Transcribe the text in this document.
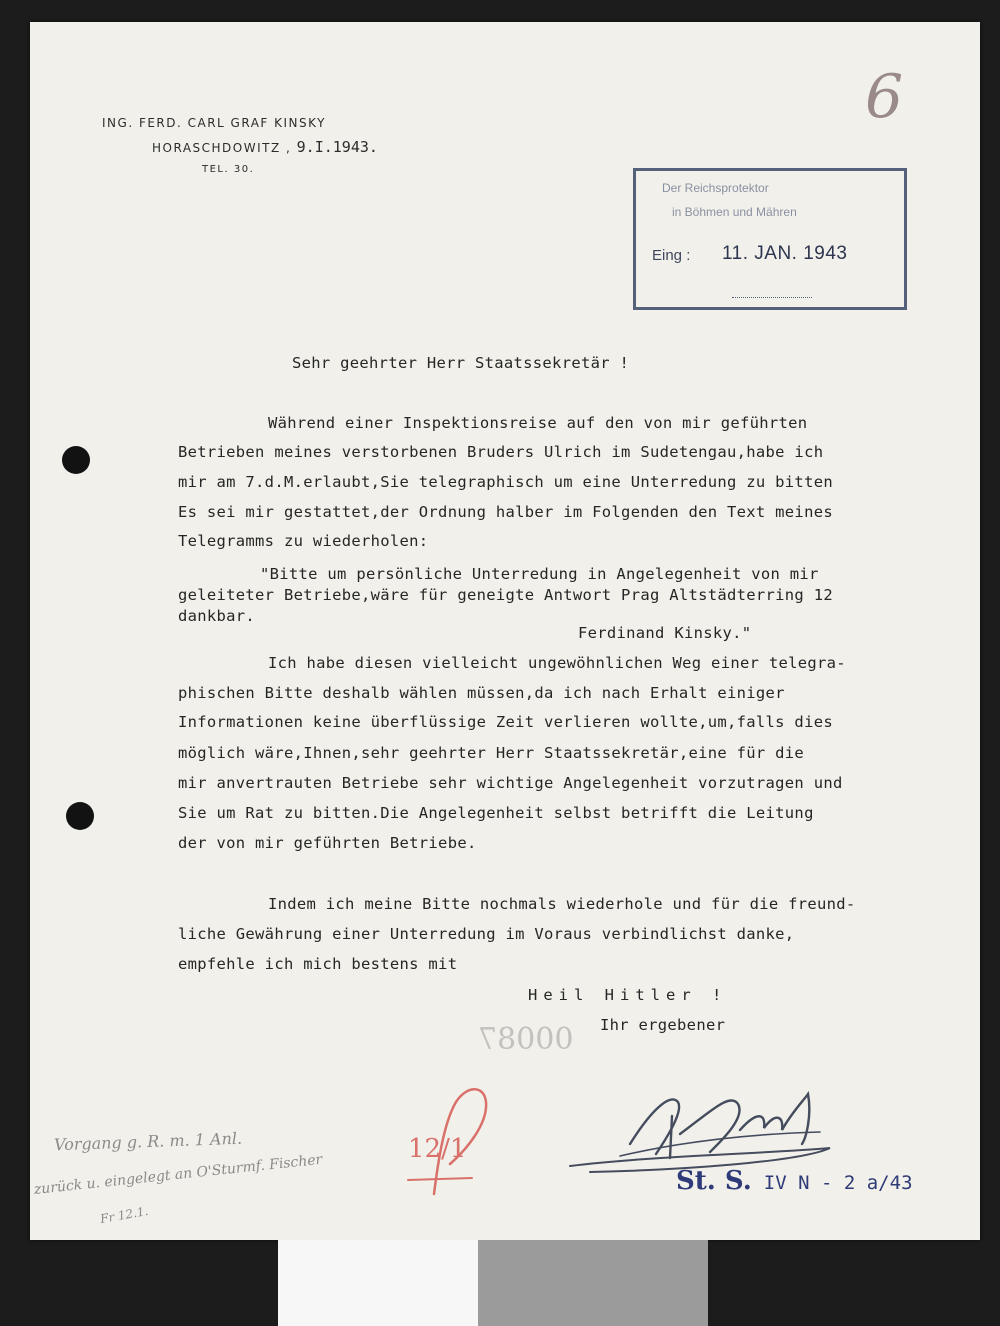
ING. FERD. CARL GRAF KINSKY
HORASCHDOWITZ , 9.I.1943.
TEL. 30.
6
Der Reichsprotektor
in Böhmen und Mähren
Eing : 11. JAN. 1943
Sehr geehrter Herr Staatssekretär !
Während einer Inspektionsreise auf den von mir geführten
Betrieben meines verstorbenen Bruders Ulrich im Sudetengau,habe ich
mir am 7.d.M.erlaubt,Sie telegraphisch um eine Unterredung zu bitten
Es sei mir gestattet,der Ordnung halber im Folgenden den Text meines
Telegramms zu wiederholen:
"Bitte um persönliche Unterredung in Angelegenheit von mir
geleiteter Betriebe,wäre für geneigte Antwort Prag Altstädterring 12
dankbar.
Ferdinand Kinsky."
Ich habe diesen vielleicht ungewöhnlichen Weg einer telegra-
phischen Bitte deshalb wählen müssen,da ich nach Erhalt einiger
Informationen keine überflüssige Zeit verlieren wollte,um,falls dies
möglich wäre,Ihnen,sehr geehrter Herr Staatssekretär,eine für die
mir anvertrauten Betriebe sehr wichtige Angelegenheit vorzutragen und
Sie um Rat zu bitten.Die Angelegenheit selbst betrifft die Leitung
der von mir geführten Betriebe.
Indem ich meine Bitte nochmals wiederhole und für die freund-
liche Gewährung einer Unterredung im Voraus verbindlichst danke,
empfehle ich mich bestens mit
Heil Hitler !
Ihr ergebener
00087
Vorgang g. R. m. 1 Anl.
zurück u. eingelegt an O'Sturmf. Fischer
Fr 12.1.
12/1
St. S. IV N - 2 a/43
